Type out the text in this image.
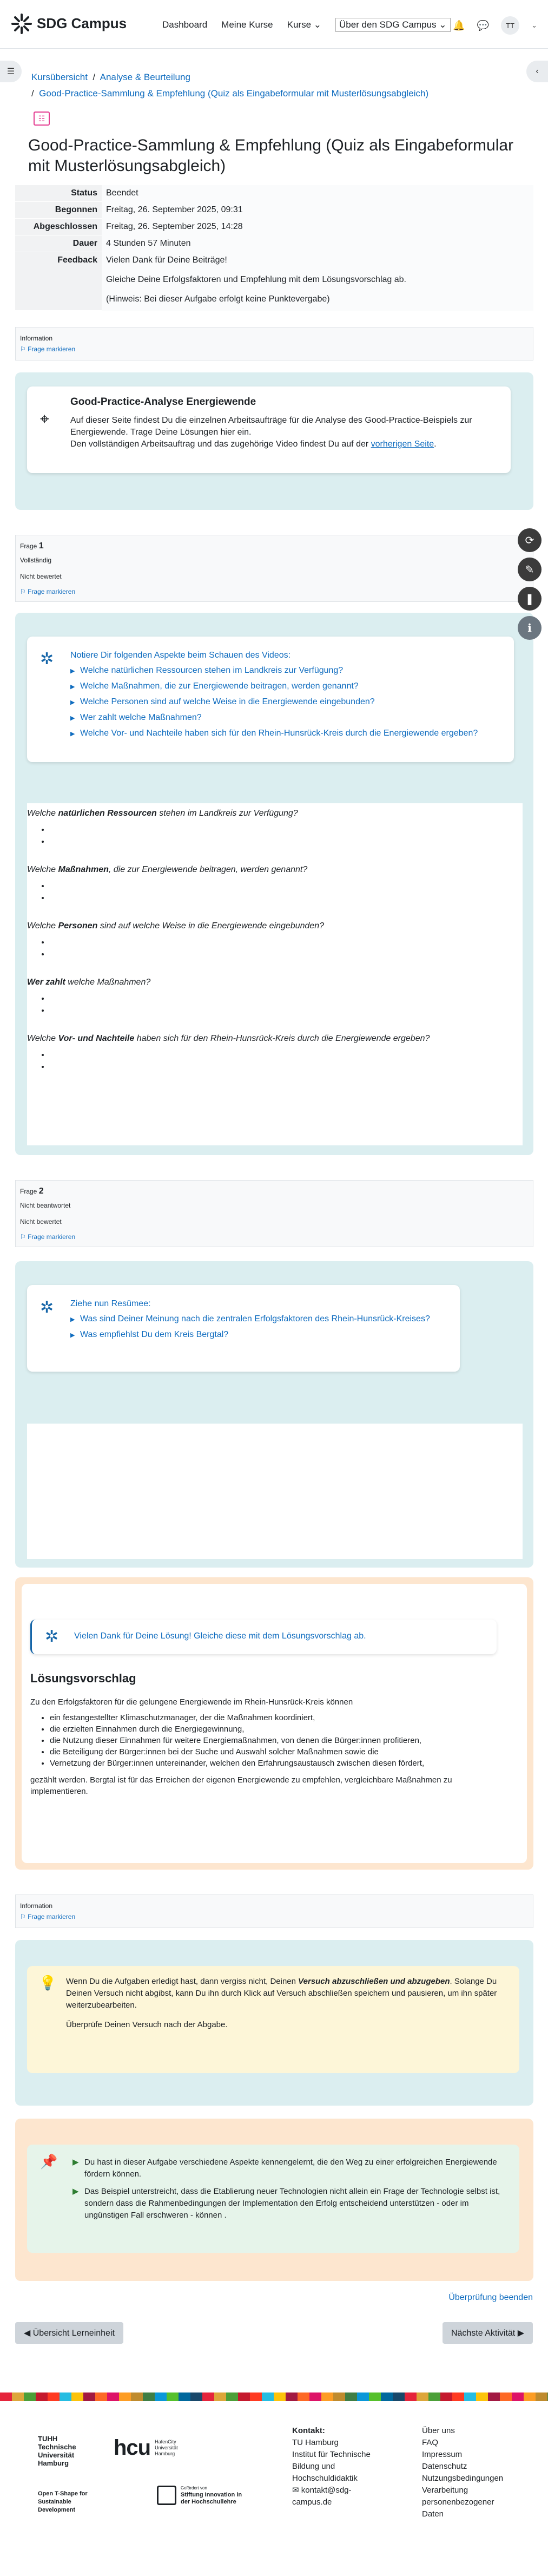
SDG Campus	Dashboard Meine Kurse Kurse ⌄	Über den SDG Campus ⌄ 🔔 💬	TT	⌄
☰	‹
Kursübersicht  /  Analyse & Beurteilung
/  Good-Practice-Sammlung & Empfehlung (Quiz als Eingabeformular mit Musterlösungsabgleich)
☷
Good-Practice-Sammlung & Empfehlung (Quiz als Eingabeformular mit Musterlösungsabgleich)
Status	Beendet
Begonnen	Freitag, 26. September 2025, 09:31
Abgeschlossen	Freitag, 26. September 2025, 14:28
Dauer	4 Stunden 57 Minuten
Feedback	Vielen Dank für Deine Beiträge!
Gleiche Deine Erfolgsfaktoren und Empfehlung mit dem Lösungsvorschlag ab.
(Hinweis: Bei dieser Aufgabe erfolgt keine Punktevergabe)
Information
⚐ Frage markieren
⌖
Good-Practice-Analyse Energiewende

Auf dieser Seite findest Du die einzelnen Arbeitsaufträge für die Analyse des Good-Practice-Beispiels zur Energiewende. Trage Deine Lösungen hier ein.

Den vollständigen Arbeitsauftrag und das zugehörige Video findest Du auf der vorherigen Seite.

Frage 1
Vollständig
Nicht bewertet
⚐ Frage markieren
✲ Notiere Dir folgenden Aspekte beim Schauen des Videos:

▶ Welche natürlichen Ressourcen stehen im Landkreis zur Verfügung?
▶ Welche Maßnahmen, die zur Energiewende beitragen, werden genannt?
▶ Welche Personen sind auf welche Weise in die Energiewende eingebunden?
▶ Wer zahlt welche Maßnahmen?
▶ Welche Vor- und Nachteile haben sich für den Rhein-Hunsrück-Kreis durch die Energiewende ergeben?

Welche natürlichen Ressourcen stehen im Landkreis zur Verfügung?

•
•

Welche Maßnahmen, die zur Energiewende beitragen, werden genannt?

•
•

Welche Personen sind auf welche Weise in die Energiewende eingebunden?

•
•

Wer zahlt welche Maßnahmen?

•
•

Welche Vor- und Nachteile haben sich für den Rhein-Hunsrück-Kreis durch die Energiewende ergeben?

•
•
⟳
✎
❚
ℹ
Frage 2
Nicht beantwortet
Nicht bewertet
⚐ Frage markieren
✲ Ziehe nun Resümee:

▶ Was sind Deiner Meinung nach die zentralen Erfolgsfaktoren des Rhein-Hunsrück-Kreises?
▶ Was empfiehlst Du dem Kreis Bergtal?
✲ Vielen Dank für Deine Lösung! Gleiche diese mit dem Lösungsvorschlag ab.

Lösungsvorschlag

Zu den Erfolgsfaktoren für die gelungene Energiewende im Rhein-Hunsrück-Kreis können

• ein festangestellter Klimaschutzmanager, der die Maßnahmen koordiniert,
• die erzielten Einnahmen durch die Energiegewinnung,
• die Nutzung dieser Einnahmen für weitere Energiemaßnahmen, von denen die Bürger:innen profitieren,
• die Beteiligung der Bürger:innen bei der Suche und Auswahl solcher Maßnahmen sowie die
• Vernetzung der Bürger:innen untereinander, welchen den Erfahrungsaustausch zwischen diesen fördert,

gezählt werden. Bergtal ist für das Erreichen der eigenen Energiewende zu empfehlen, vergleichbare Maßnahmen zu implementieren.

Information
⚐ Frage markieren
💡 Wenn Du die Aufgaben erledigt hast, dann vergiss nicht, Deinen Versuch abzuschließen und abzugeben. Solange Du Deinen Versuch nicht abgibst, kann Du ihn durch Klick auf Versuch abschließen speichern und pausieren, um ihn später weiterzubearbeiten.

Überprüfe Deinen Versuch nach der Abgabe.

📌 ▶ Du hast in dieser Aufgabe verschiedene Aspekte kennengelernt, die den Weg zu einer erfolgreichen Energiewende fördern können.

▶ Das Beispiel unterstreicht, dass die Etablierung neuer Technologien nicht allein ein Frage der Technologie selbst ist, sondern dass die Rahmenbedingungen der Implementation den Erfolg entscheidend unterstützen - oder im ungünstigen Fall erschweren - können .

Überprüfung beenden
◀ Übersicht Lerneinheit	Nächste Aktivität ▶
TUHH Technische Universität Hamburg
hcu HafenCity Universität Hamburg
Open T-Shape for Sustainable Development
Gefördert von
Stiftung Innovation in der Hochschullehre
Kontakt:
TU Hamburg
Institut für Technische
Bildung und
Hochschuldidaktik
✉ kontakt@sdg-campus.de
Über uns
FAQ
Impressum
Datenschutz
Nutzungsbedingungen
Verarbeitung personenbezogener Daten
